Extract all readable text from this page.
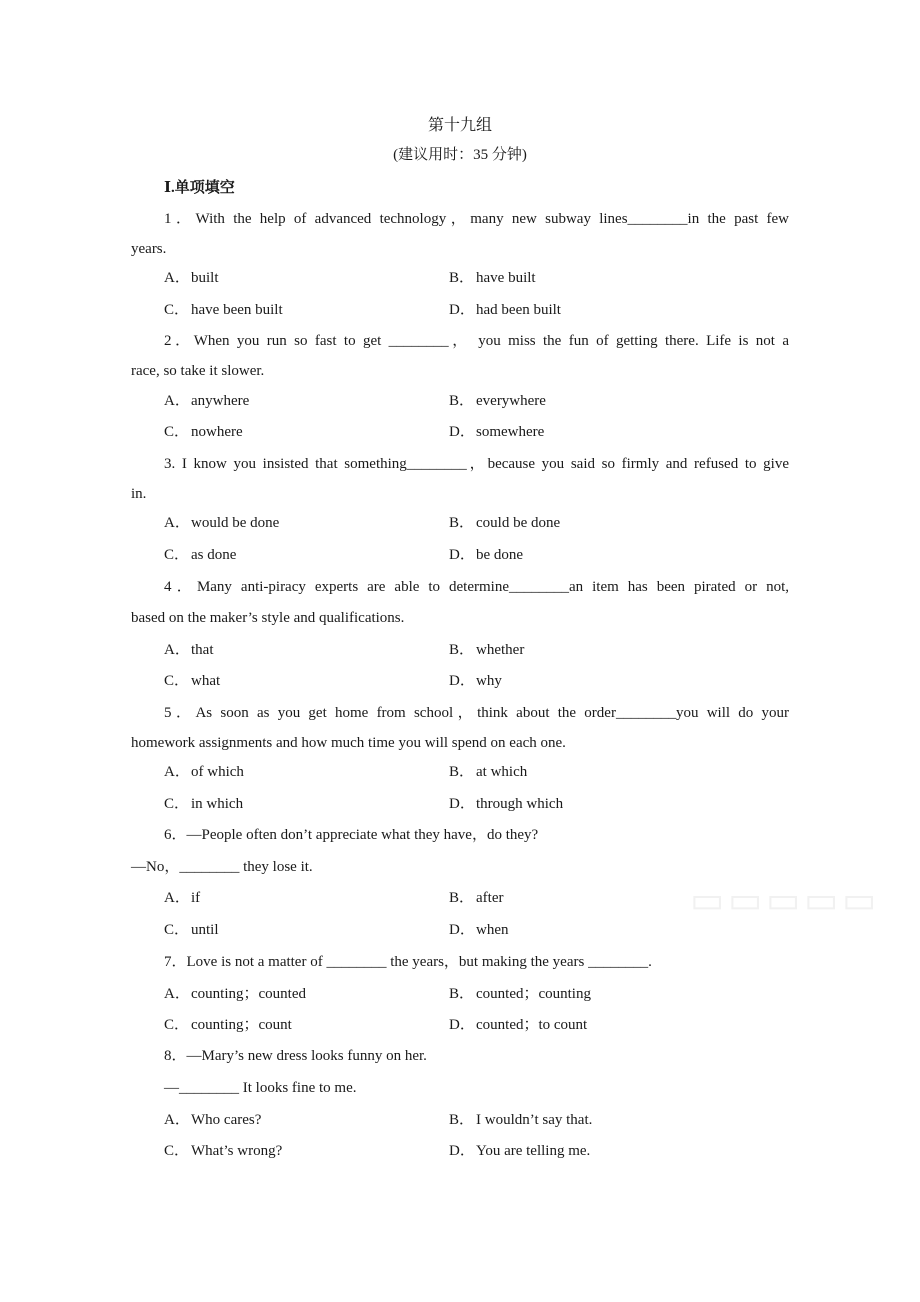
第十九组
(建议用时：35 分钟)
Ⅰ.单项填空
1．With the help of advanced technology，many new subway lines________in the past few
years.
A．built	B． have built
C． have been built	D．had been built
2．When you run so fast to get ________， you miss the fun of getting there. Life is not a
race, so take it slower.
A．anywhere	B． everywhere
C． nowhere	D．somewhere
3. I know you insisted that something________，because you said so firmly and refused to give
in.
A．would be done	B． could be done
C． as done	D．be done
4．Many anti-piracy experts are able to determine________an item has been pirated or not,
based on the maker’s style and qualifications.
A．that	B． whether
C． what	D．why
5．As soon as you get home from school，think about the order________you will do your
homework assignments and how much time you will spend on each one.
A．of which	B． at which
C． in which	D．through which
6．—People often don’t appreciate what they have，do they?
—No，________ they lose it.
A．if	B． after
C． until	D．when
7．Love is not a matter of ________ the years，but making the years ________.
A．counting；counted	B． counted；counting
C． counting；count	D．counted；to count
8．—Mary’s new dress looks funny on her.
—________ It looks fine to me.
A．Who cares?	B． I wouldn’t say that.
C． What’s wrong?	D．You are telling me.
▭▭▭▭▭
